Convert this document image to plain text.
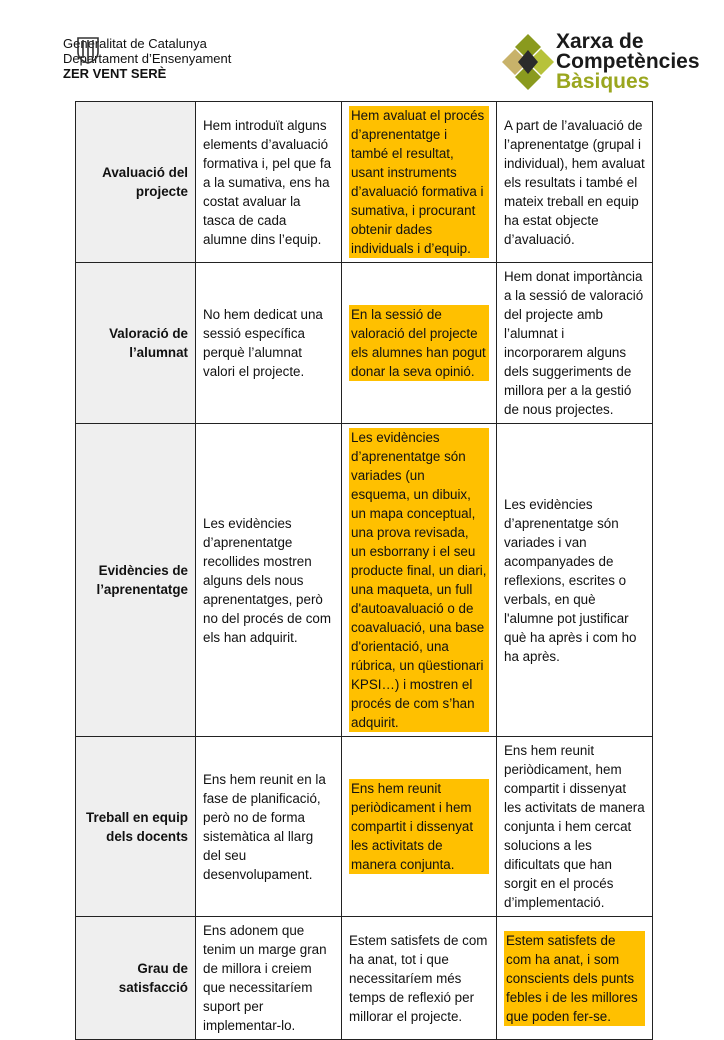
Generalitat de Catalunya
Departament d’Ensenyament
ZER VENT SERÈ
Xarxa de
Competències
Bàsiques
Avaluació del projecte	Hem introduït alguns elements d’avaluació formativa i, pel que fa a la sumativa, ens ha costat avaluar la tasca de cada alumne dins l’equip.	Hem avaluat el procés d’aprenentatge i també el resultat, usant instruments d’avaluació formativa i sumativa, i procurant obtenir dades individuals i d’equip.	A part de l’avaluació de l’aprenentatge (grupal i individual), hem avaluat els resultats i també el mateix treball en equip ha estat objecte d’avaluació.
Valoració de l’alumnat	No hem dedicat una sessió específica perquè l’alumnat valori el projecte.	En la sessió de valoració del projecte els alumnes han pogut donar la seva opinió.	Hem donat importància a la sessió de valoració del projecte amb l’alumnat i incorporarem alguns dels suggeriments de millora per a la gestió de nous projectes.
Evidències de l’aprenentatge	Les evidències d’aprenentatge recollides mostren alguns dels nous aprenentatges, però no del procés de com els han adquirit.	Les evidències d’aprenentatge són variades (un esquema, un dibuix, un mapa conceptual, una prova revisada, un esborrany i el seu producte final, un diari, una maqueta, un full d'autoavaluació o de coavaluació, una base d'orientació, una rúbrica, un qüestionari KPSI…) i mostren el procés de com s’han adquirit.	Les evidències d’aprenentatge són variades i van acompanyades de reflexions, escrites o verbals, en què l'alumne pot justificar què ha après i com ho ha après.
Treball en equip dels docents	Ens hem reunit en la fase de planificació, però no de forma sistemàtica al llarg del seu desenvolupament.	Ens hem reunit periòdicament i hem compartit i dissenyat les activitats de manera conjunta.	Ens hem reunit periòdicament, hem compartit i dissenyat les activitats de manera conjunta i hem cercat solucions a les dificultats que han sorgit en el procés d’implementació.
Grau de satisfacció	Ens adonem que tenim un marge gran de millora i creiem que necessitaríem suport per implementar-lo.	Estem satisfets de com ha anat, tot i que necessitaríem més temps de reflexió per millorar el projecte.	Estem satisfets de com ha anat, i som conscients dels punts febles i de les millores que poden fer-se.
